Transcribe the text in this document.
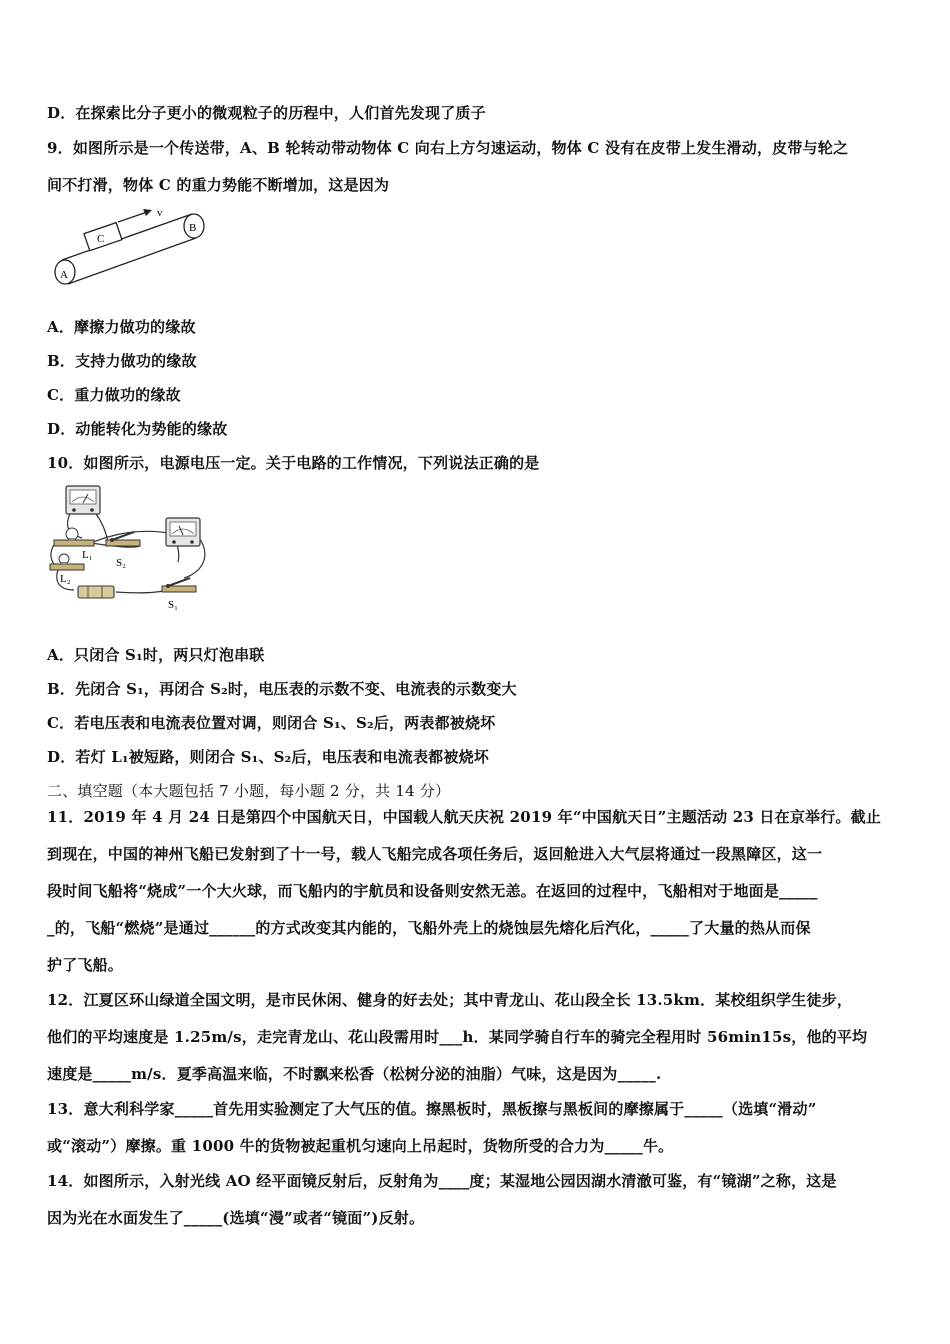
D．在探索比分子更小的微观粒子的历程中，人们首先发现了质子
9．如图所示是一个传送带，A、B 轮转动带动物体 C 向右上方匀速运动，物体 C 没有在皮带上发生滑动，皮带与轮之
间不打滑，物体 C 的重力势能不断增加，这是因为
A
B
C
v
A．摩擦力做功的缘故
B．支持力做功的缘故
C．重力做功的缘故
D．动能转化为势能的缘故
10．如图所示，电源电压一定。关于电路的工作情况，下列说法正确的是
L₁
L₂
S₂
S₁
A．只闭合 S₁时，两只灯泡串联
B．先闭合 S₁，再闭合 S₂时，电压表的示数不变、电流表的示数变大
C．若电压表和电流表位置对调，则闭合 S₁、S₂后，两表都被烧坏
D．若灯 L₁被短路，则闭合 S₁、S₂后，电压表和电流表都被烧坏
二、填空题（本大题包括 7 小题，每小题 2 分，共 14 分）
11．2019 年 4 月 24 日是第四个中国航天日，中国载人航天庆祝 2019 年“中国航天日”主题活动 23 日在京举行。截止
到现在，中国的神州飞船已发射到了十一号，载人飞船完成各项任务后，返回舱进入大气层将通过一段黑障区，这一
段时间飞船将“烧成”一个大火球，而飞船内的宇航员和设备则安然无恙。在返回的过程中，飞船相对于地面是_____
_的，飞船“燃烧”是通过______的方式改变其内能的，飞船外壳上的烧蚀层先熔化后汽化，_____了大量的热从而保
护了飞船。
12．江夏区环山绿道全国文明，是市民休闲、健身的好去处；其中青龙山、花山段全长 13.5km．某校组织学生徒步，
他们的平均速度是 1.25m/s，走完青龙山、花山段需用时___h．某同学骑自行车的骑完全程用时 56min15s，他的平均
速度是_____m/s．夏季高温来临，不时飘来松香（松树分泌的油脂）气味，这是因为_____.
13．意大利科学家_____首先用实验测定了大气压的值。擦黑板时，黑板擦与黑板间的摩擦属于_____（选填“滑动”
或“滚动”）摩擦。重 1000 牛的货物被起重机匀速向上吊起时，货物所受的合力为_____牛。
14．如图所示，入射光线 AO 经平面镜反射后，反射角为____度；某湿地公园因湖水清澈可鉴，有“镜湖”之称，这是
因为光在水面发生了_____(选填“漫”或者“镜面”)反射。
